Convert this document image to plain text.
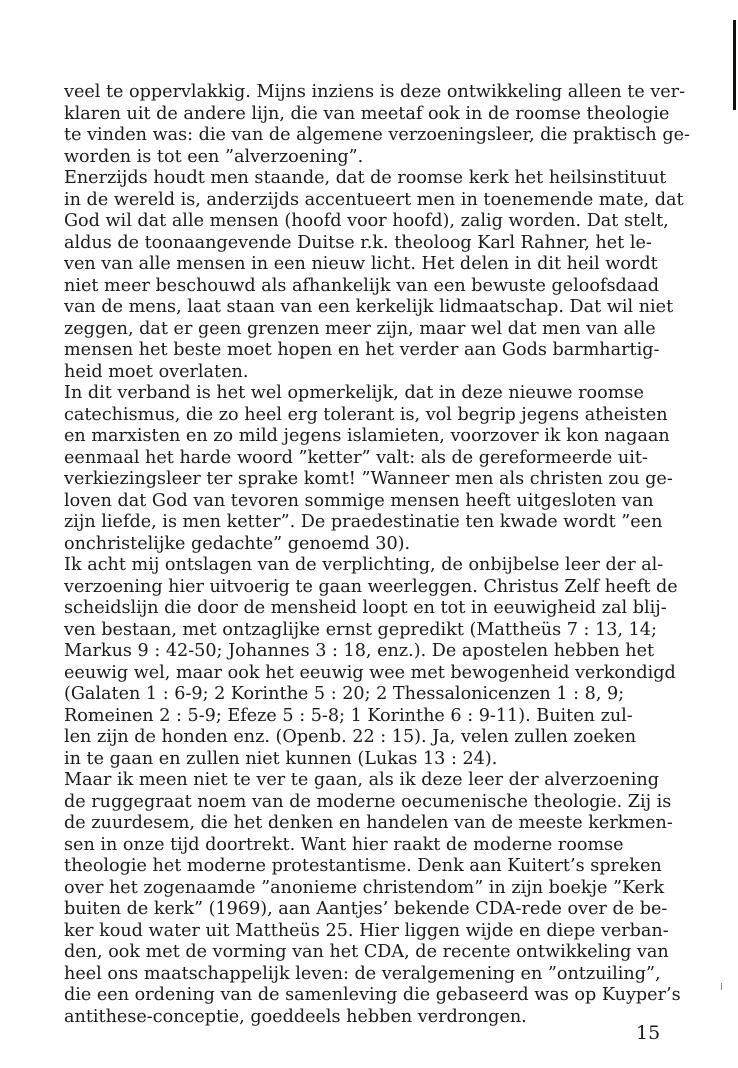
veel te oppervlakkig. Mijns inziens is deze ontwikkeling alleen te ver-
klaren uit de andere lijn, die van meetaf ook in de roomse theologie
te vinden was: die van de algemene verzoeningsleer, die praktisch ge-
worden is tot een ”alverzoening”.
Enerzijds houdt men staande, dat de roomse kerk het heilsinstituut
in de wereld is, anderzijds accentueert men in toenemende mate, dat
God wil dat alle mensen (hoofd voor hoofd), zalig worden. Dat stelt,
aldus de toonaangevende Duitse r.k. theoloog Karl Rahner, het le-
ven van alle mensen in een nieuw licht. Het delen in dit heil wordt
niet meer beschouwd als afhankelijk van een bewuste geloofsdaad
van de mens, laat staan van een kerkelijk lidmaatschap. Dat wil niet
zeggen, dat er geen grenzen meer zijn, maar wel dat men van alle
mensen het beste moet hopen en het verder aan Gods barmhartig-
heid moet overlaten.
In dit verband is het wel opmerkelijk, dat in deze nieuwe roomse
catechismus, die zo heel erg tolerant is, vol begrip jegens atheisten
en marxisten en zo mild jegens islamieten, voorzover ik kon nagaan
eenmaal het harde woord ”ketter” valt: als de gereformeerde uit-
verkiezingsleer ter sprake komt! ”Wanneer men als christen zou ge-
loven dat God van tevoren sommige mensen heeft uitgesloten van
zijn liefde, is men ketter”. De praedestinatie ten kwade wordt ”een
onchristelijke gedachte” genoemd 30).
Ik acht mij ontslagen van de verplichting, de onbijbelse leer der al-
verzoening hier uitvoerig te gaan weerleggen. Christus Zelf heeft de
scheidslijn die door de mensheid loopt en tot in eeuwigheid zal blij-
ven bestaan, met ontzaglijke ernst gepredikt (Mattheüs 7 : 13, 14;
Markus 9 : 42-50; Johannes 3 : 18, enz.). De apostelen hebben het
eeuwig wel, maar ook het eeuwig wee met bewogenheid verkondigd
(Galaten 1 : 6-9; 2 Korinthe 5 : 20; 2 Thessalonicenzen 1 : 8, 9;
Romeinen 2 : 5-9; Efeze 5 : 5-8; 1 Korinthe 6 : 9-11). Buiten zul-
len zijn de honden enz. (Openb. 22 : 15). Ja, velen zullen zoeken
in te gaan en zullen niet kunnen (Lukas 13 : 24).
Maar ik meen niet te ver te gaan, als ik deze leer der alverzoening
de ruggegraat noem van de moderne oecumenische theologie. Zij is
de zuurdesem, die het denken en handelen van de meeste kerkmen-
sen in onze tijd doortrekt. Want hier raakt de moderne roomse
theologie het moderne protestantisme. Denk aan Kuitert’s spreken
over het zogenaamde ”anonieme christendom” in zijn boekje ”Kerk
buiten de kerk” (1969), aan Aantjes’ bekende CDA-rede over de be-
ker koud water uit Mattheüs 25. Hier liggen wijde en diepe verban-
den, ook met de vorming van het CDA, de recente ontwikkeling van
heel ons maatschappelijk leven: de veralgemening en ”ontzuiling”,
die een ordening van de samenleving die gebaseerd was op Kuyper’s
antithese-conceptie, goeddeels hebben verdrongen.
15
